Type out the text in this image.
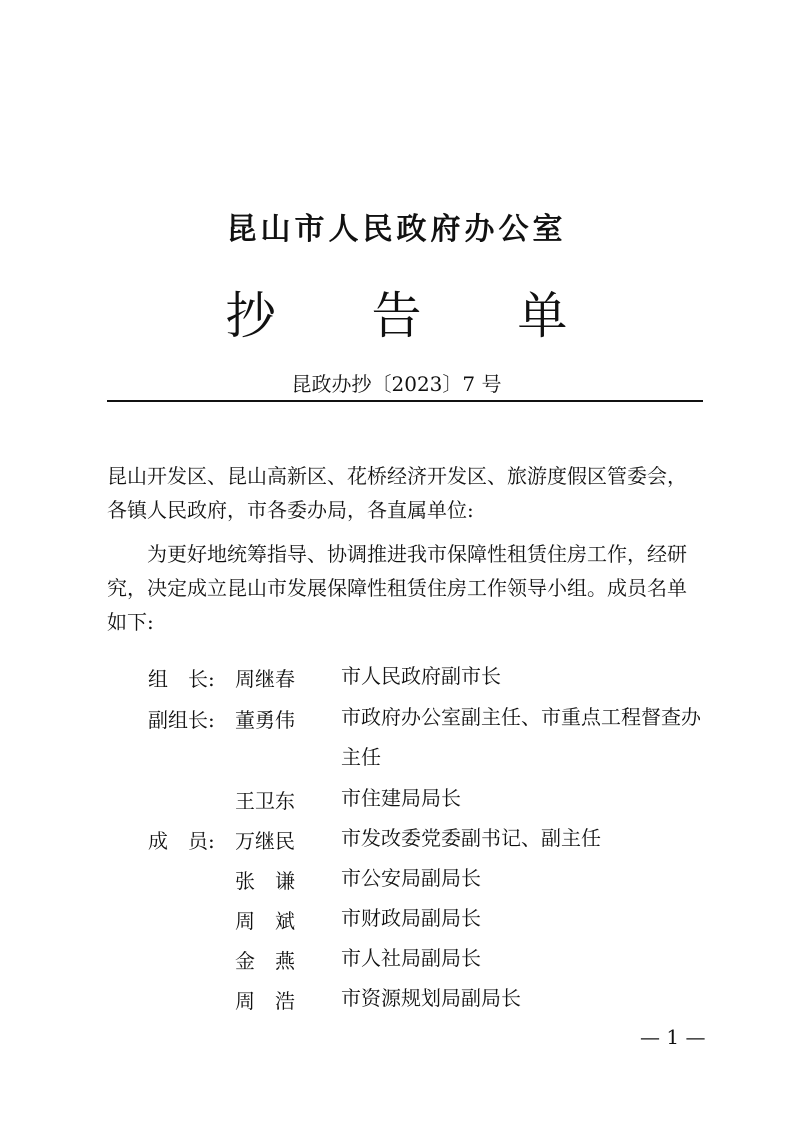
昆山市人民政府办公室
抄 告 单
昆政办抄〔2023〕7 号
昆山开发区、昆山高新区、花桥经济开发区、旅游度假区管委会，各镇人民政府，市各委办局，各直属单位:
为更好地统筹指导、协调推进我市保障性租赁住房工作，经研究，决定成立昆山市发展保障性租赁住房工作领导小组。成员名单如下:
组　长: 周继春 市人民政府副市长
副组长: 董勇伟 市政府办公室副主任、市重点工程督查办主任
王卫东 市住建局局长
成　员: 万继民 市发改委党委副书记、副主任
张　谦 市公安局副局长
周　斌 市财政局副局长
金　燕 市人社局副局长
周　浩 市资源规划局副局长
— 1 —
